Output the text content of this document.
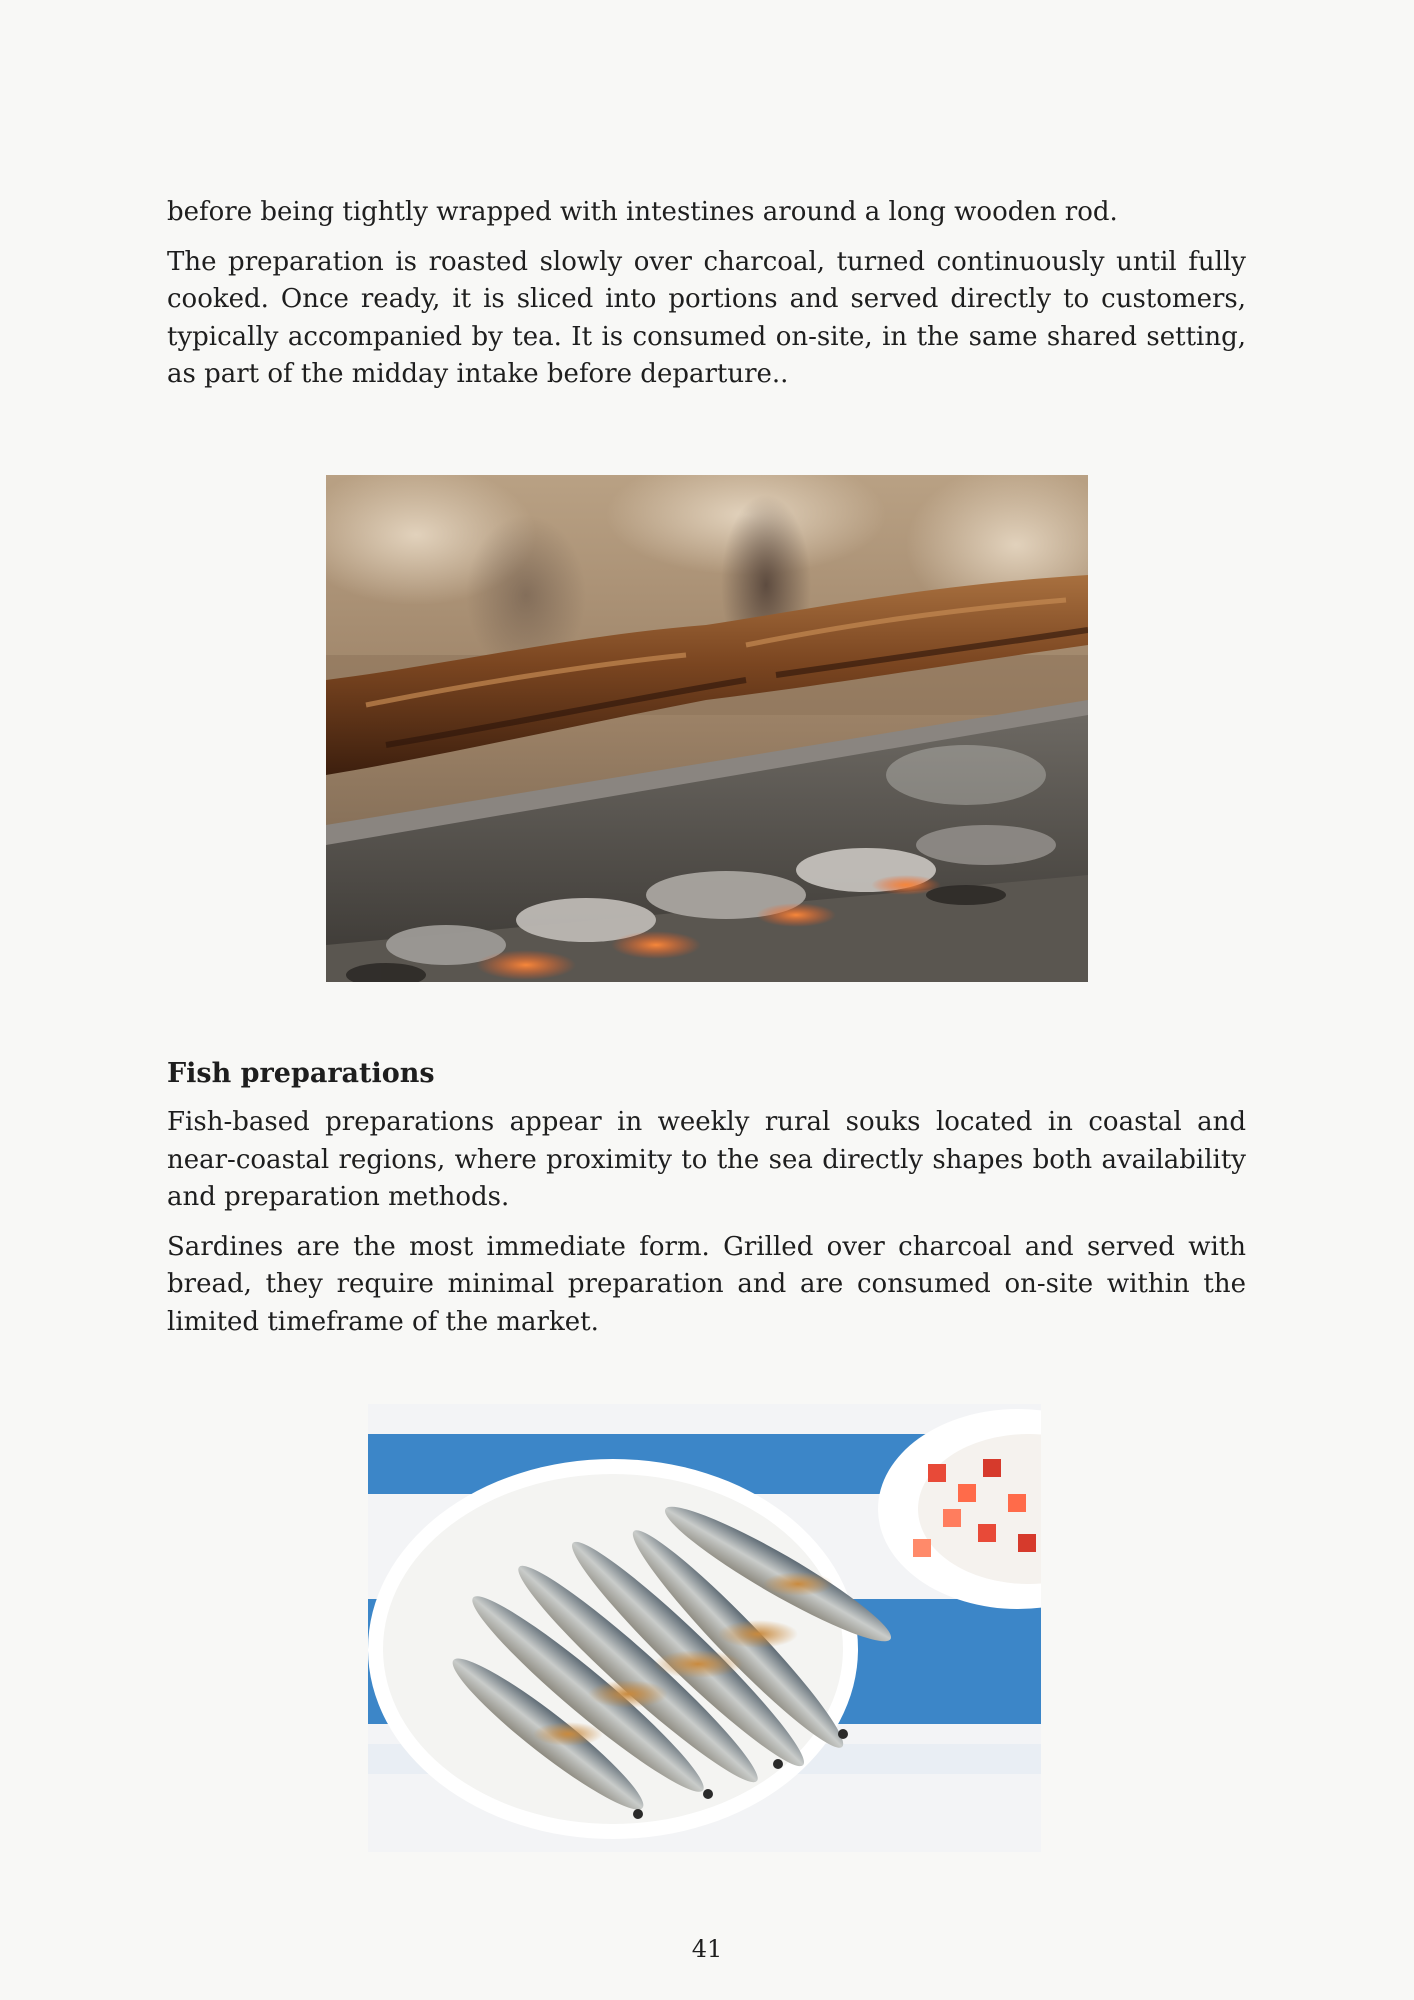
before being tightly wrapped with intestines around a long wooden rod.

The preparation is roasted slowly over charcoal, turned continuously until fully cooked. Once ready, it is sliced into portions and served directly to customers, typically accompanied by tea. It is consumed on-site, in the same shared setting, as part of the midday intake before departure..

Fish preparations

Fish-based preparations appear in weekly rural souks located in coastal and near-coastal regions, where proximity to the sea directly shapes both availability and preparation methods.

Sardines are the most immediate form. Grilled over charcoal and served with bread, they require minimal preparation and are consumed on-site within the limited timeframe of the market.

41
